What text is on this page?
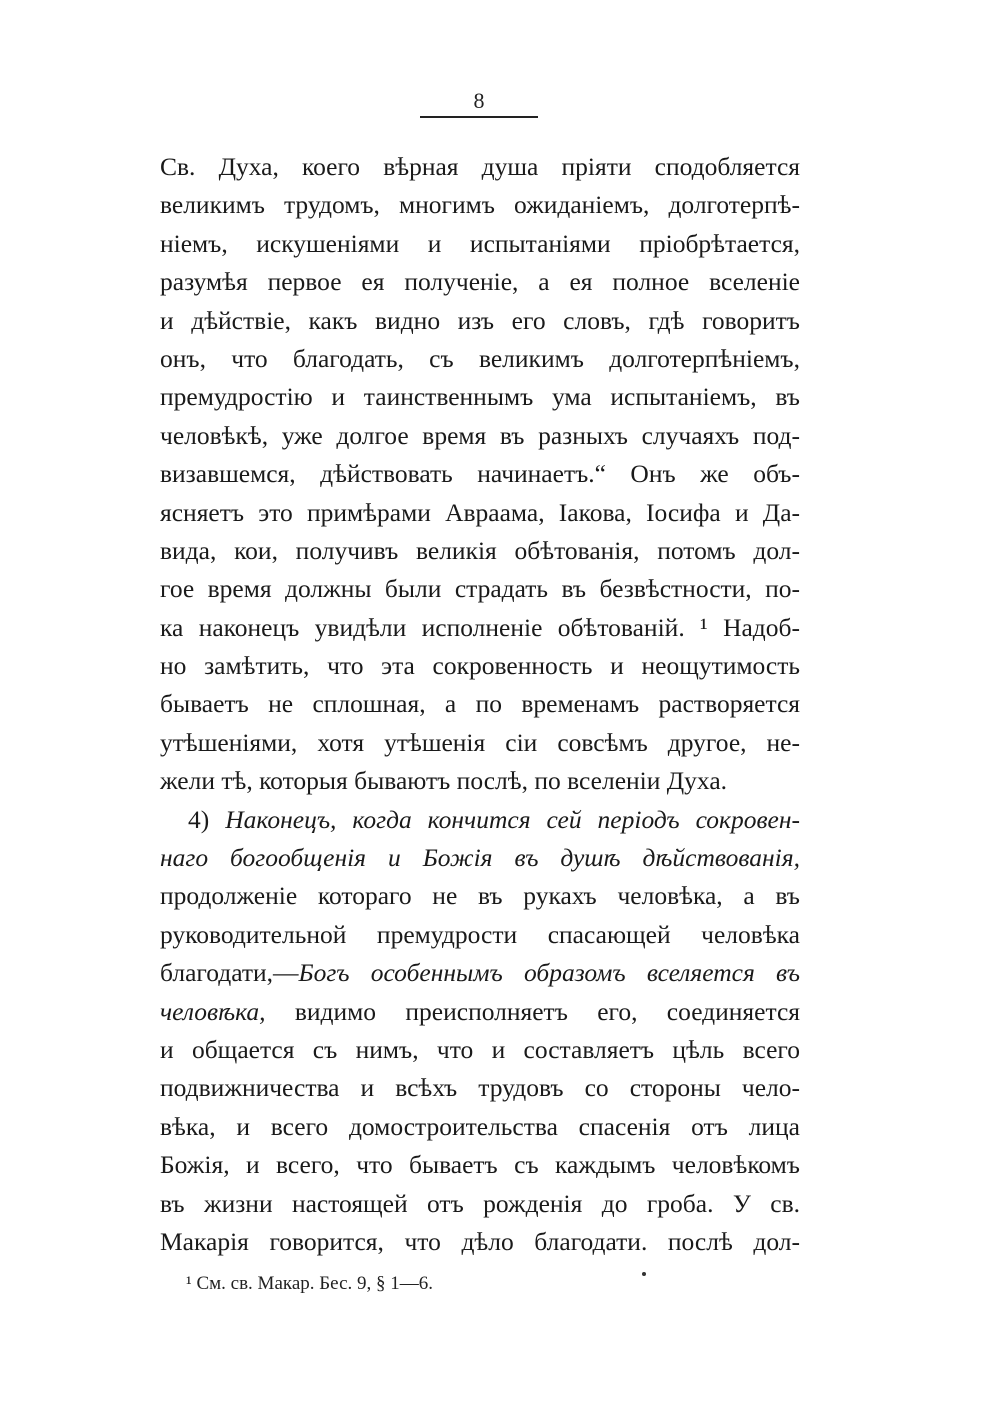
8
Св. Духа, коего вѣрная душа пріяти сподобляется
великимъ трудомъ, многимъ ожиданіемъ, долготерпѣ-
ніемъ, искушеніями и испытаніями пріобрѣтается,
разумѣя первое ея полученіе, а ея полное вселеніе
и дѣйствіе, какъ видно изъ его словъ, гдѣ говоритъ
онъ, что благодать, съ великимъ долготерпѣніемъ,
премудростію и таинственнымъ ума испытаніемъ, въ
человѣкѣ, уже долгое время въ разныхъ случаяхъ под-
визавшемся, дѣйствовать начинаетъ.“ Онъ же объ-
ясняетъ это примѣрами Авраама, Іакова, Іосифа и Да-
вида, кои, получивъ великія обѣтованія, потомъ дол-
гое время должны были страдать въ безвѣстности, по-
ка наконецъ увидѣли исполненіе обѣтованій. ¹ Надоб-
но замѣтить, что эта сокровенность и неощутимость
бываетъ не сплошная, а по временамъ растворяется
утѣшеніями, хотя утѣшенія сіи совсѣмъ другое, не-
жели тѣ, которыя бываютъ послѣ, по вселеніи Духа.
4) Наконецъ, когда кончится сей періодъ сокровен-
наго богообщенія и Божія въ душѣ дѣйствованія,
продолженіе котораго не въ рукахъ человѣка, а въ
руководительной премудрости спасающей человѣка
благодати,—Богъ особеннымъ образомъ вселяется въ
человѣка, видимо преисполняетъ его, соединяется
и общается съ нимъ, что и составляетъ цѣль всего
подвижничества и всѣхъ трудовъ со стороны чело-
вѣка, и всего домостроительства спасенія отъ лица
Божія, и всего, что бываетъ съ каждымъ человѣкомъ
въ жизни настоящей отъ рожденія до гроба. У св.
Макарія говорится, что дѣло благодати. послѣ дол-
¹ См. св. Макар. Бес. 9, § 1—6.
